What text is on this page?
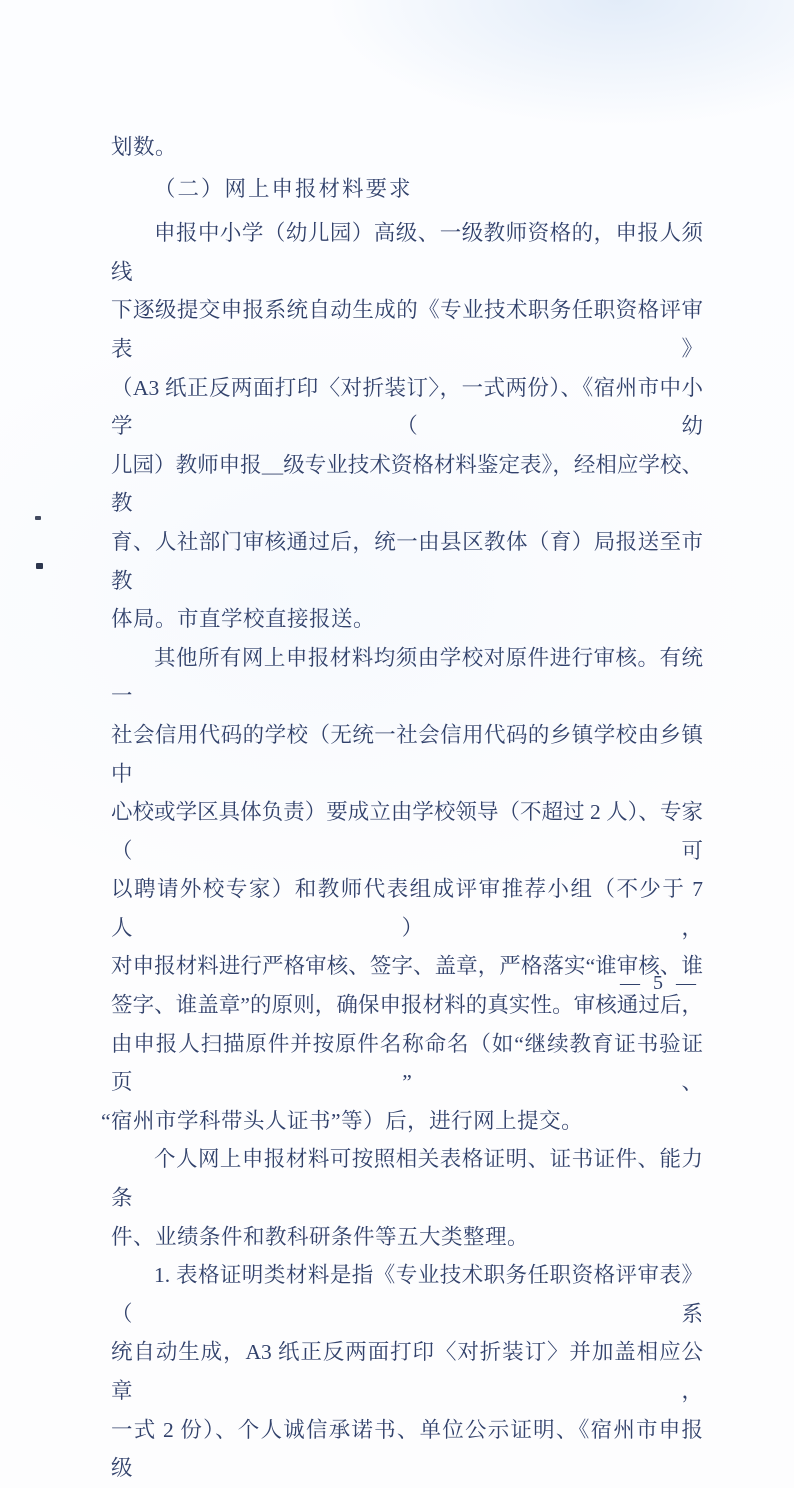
划数。
（二）网上申报材料要求
申报中小学（幼儿园）高级、一级教师资格的，申报人须线
下逐级提交申报系统自动生成的《专业技术职务任职资格评审表》
（A3 纸正反两面打印〈对折装订〉，一式两份）、《宿州市中小学（幼
儿园）教师申报＿级专业技术资格材料鉴定表》，经相应学校、教
育、人社部门审核通过后，统一由县区教体（育）局报送至市教
体局。市直学校直接报送。
其他所有网上申报材料均须由学校对原件进行审核。有统一
社会信用代码的学校（无统一社会信用代码的乡镇学校由乡镇中
心校或学区具体负责）要成立由学校领导（不超过 2 人）、专家（可
以聘请外校专家）和教师代表组成评审推荐小组（不少于 7 人），
对申报材料进行严格审核、签字、盖章，严格落实“谁审核、谁
签字、谁盖章”的原则，确保申报材料的真实性。审核通过后，
由申报人扫描原件并按原件名称命名（如“继续教育证书验证页”、
“宿州市学科带头人证书”等）后，进行网上提交。
个人网上申报材料可按照相关表格证明、证书证件、能力条
件、业绩条件和教科研条件等五大类整理。
1. 表格证明类材料是指《专业技术职务任职资格评审表》（系
统自动生成，A3 纸正反两面打印〈对折装订〉并加盖相应公章，
一式 2 份）、个人诚信承诺书、单位公示证明、《宿州市申报　级
— 5 —
